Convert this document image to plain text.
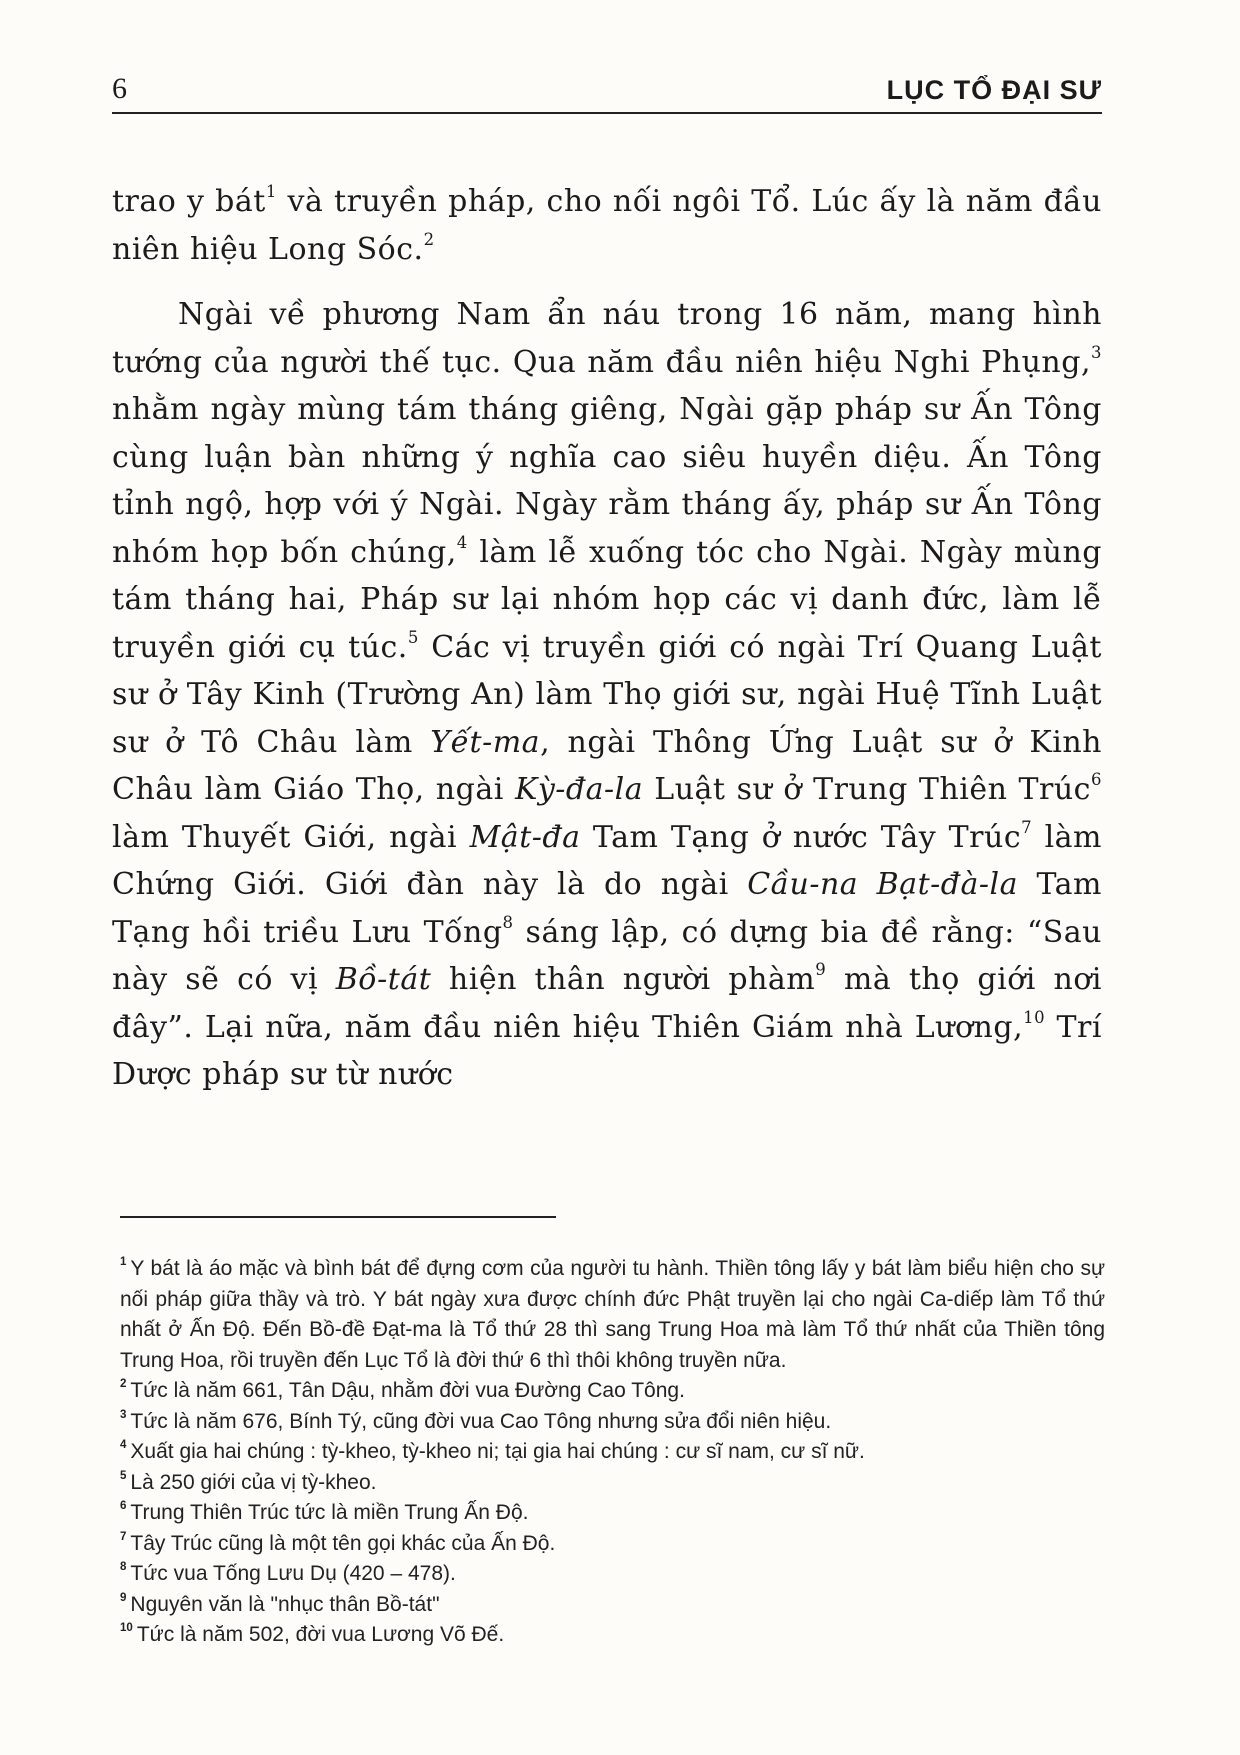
6	LỤC TỔ ĐẠI SƯ

trao y bát$^1$ và truyền pháp, cho nối ngôi Tổ. Lúc ấy là năm đầu niên hiệu Long Sóc.$^2$

Ngài về phương Nam ẩn náu trong 16 năm, mang hình tướng của người thế tục. Qua năm đầu niên hiệu Nghi Phụng,$^3$ nhằm ngày mùng tám tháng giêng, Ngài gặp pháp sư Ấn Tông cùng luận bàn những ý nghĩa cao siêu huyền diệu. Ấn Tông tỉnh ngộ, hợp với ý Ngài. Ngày rằm tháng ấy, pháp sư Ấn Tông nhóm họp bốn chúng,$^4$ làm lễ xuống tóc cho Ngài. Ngày mùng tám tháng hai, Pháp sư lại nhóm họp các vị danh đức, làm lễ truyền giới cụ túc.$^5$ Các vị truyền giới có ngài Trí Quang Luật sư ở Tây Kinh (Trường An) làm Thọ giới sư, ngài Huệ Tĩnh Luật sư ở Tô Châu làm Yết-ma, ngài Thông Ứng Luật sư ở Kinh Châu làm Giáo Thọ, ngài Kỳ-đa-la Luật sư ở Trung Thiên Trúc$^6$ làm Thuyết Giới, ngài Mật-đa Tam Tạng ở nước Tây Trúc$^7$ làm Chứng Giới. Giới đàn này là do ngài Cầu-na Bạt-đà-la Tam Tạng hồi triều Lưu Tống$^8$ sáng lập, có dựng bia đề rằng: “Sau này sẽ có vị Bồ-tát hiện thân người phàm$^9$ mà thọ giới nơi đây”. Lại nữa, năm đầu niên hiệu Thiên Giám nhà Lương,$^{10}$ Trí Dược pháp sư từ nước

$^1$ Y bát là áo mặc và bình bát để đựng cơm của người tu hành. Thiền tông lấy y bát làm biểu hiện cho sự nối pháp giữa thầy và trò. Y bát ngày xưa được chính đức Phật truyền lại cho ngài Ca-diếp làm Tổ thứ nhất ở Ấn Độ. Đến Bồ-đề Đạt-ma là Tổ thứ 28 thì sang Trung Hoa mà làm Tổ thứ nhất của Thiền tông Trung Hoa, rồi truyền đến Lục Tổ là đời thứ 6 thì thôi không truyền nữa.

$^2$ Tức là năm 661, Tân Dậu, nhằm đời vua Đường Cao Tông.

$^3$ Tức là năm 676, Bính Tý, cũng đời vua Cao Tông nhưng sửa đổi niên hiệu.

$^4$ Xuất gia hai chúng : tỳ-kheo, tỳ-kheo ni; tại gia hai chúng : cư sĩ nam, cư sĩ nữ.

$^5$ Là 250 giới của vị tỳ-kheo.

$^6$ Trung Thiên Trúc tức là miền Trung Ấn Độ.

$^7$ Tây Trúc cũng là một tên gọi khác của Ấn Độ.

$^8$ Tức vua Tống Lưu Dụ (420 – 478).

$^9$ Nguyên văn là "nhục thân Bồ-tát"

$^{10}$ Tức là năm 502, đời vua Lương Võ Đế.
